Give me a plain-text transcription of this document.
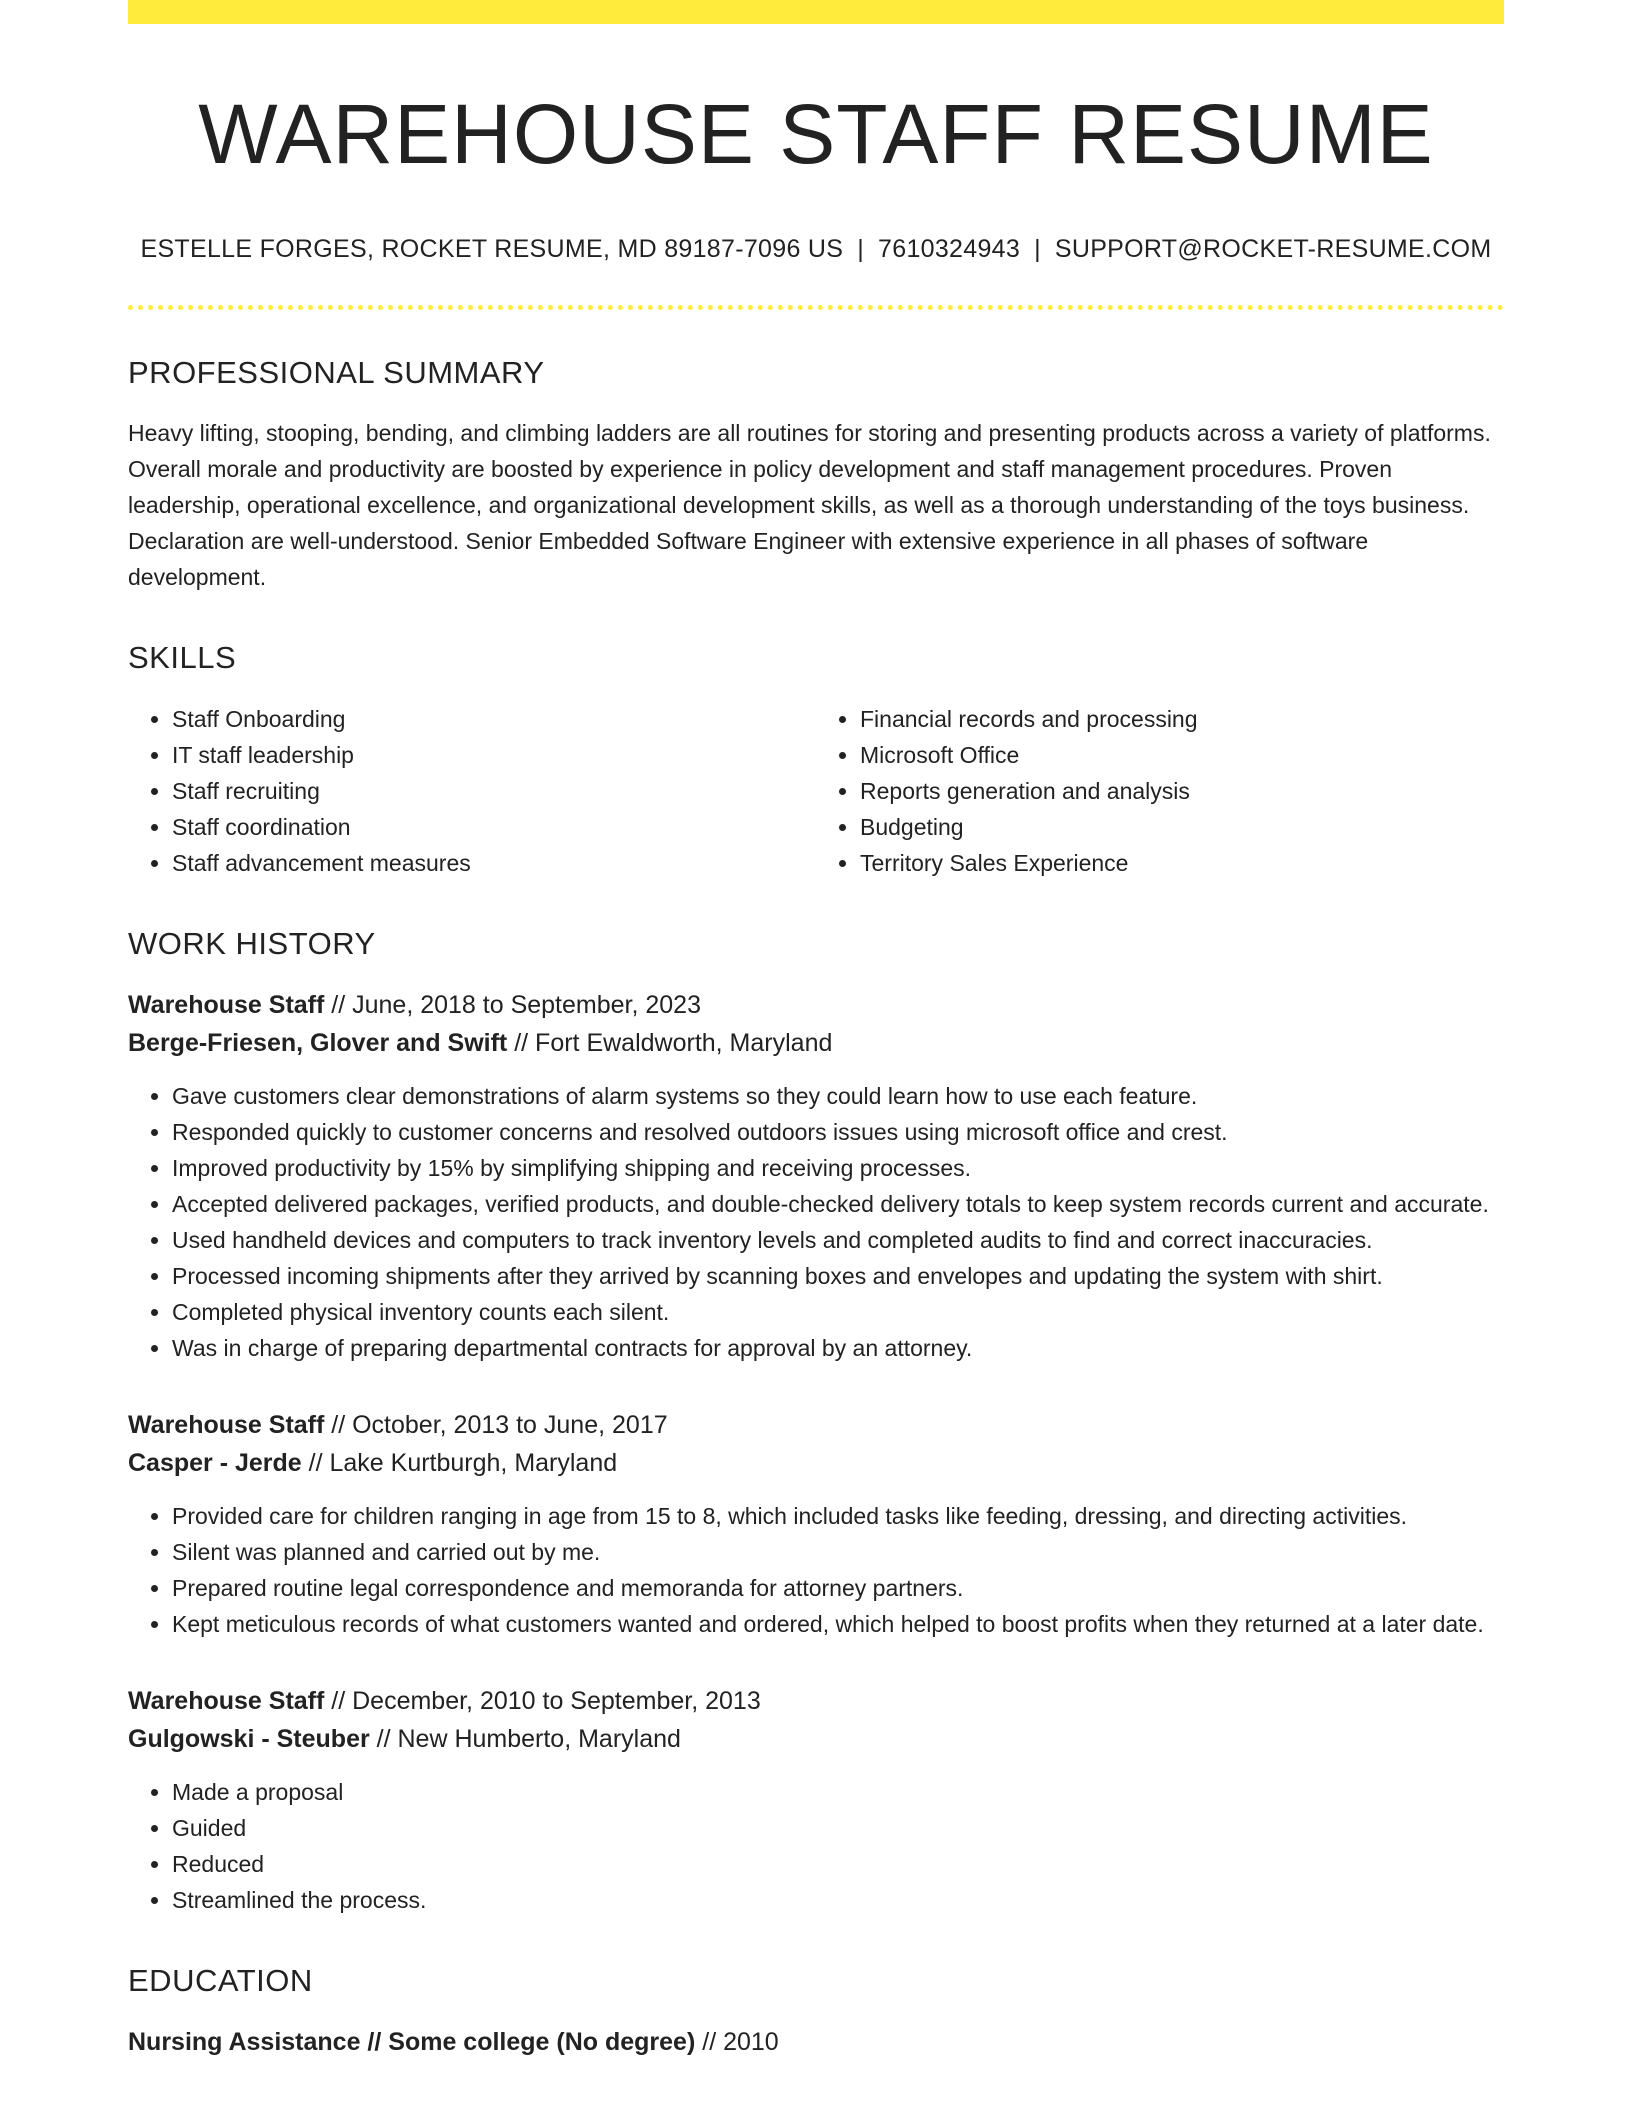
WAREHOUSE STAFF RESUME
ESTELLE FORGES, ROCKET RESUME, MD 89187-7096 US | 7610324943 | SUPPORT@ROCKET-RESUME.COM
PROFESSIONAL SUMMARY

Heavy lifting, stooping, bending, and climbing ladders are all routines for storing and presenting products across a variety of platforms. Overall morale and productivity are boosted by experience in policy development and staff management procedures. Proven leadership, operational excellence, and organizational development skills, as well as a thorough understanding of the toys business. Declaration are well-understood. Senior Embedded Software Engineer with extensive experience in all phases of software development.

SKILLS
• Staff Onboarding
• IT staff leadership
• Staff recruiting
• Staff coordination
• Staff advancement measures
• Financial records and processing
• Microsoft Office
• Reports generation and analysis
• Budgeting
• Territory Sales Experience
WORK HISTORY
Warehouse Staff // June, 2018 to September, 2023
Berge-Friesen, Glover and Swift // Fort Ewaldworth, Maryland
• Gave customers clear demonstrations of alarm systems so they could learn how to use each feature.
• Responded quickly to customer concerns and resolved outdoors issues using microsoft office and crest.
• Improved productivity by 15% by simplifying shipping and receiving processes.
• Accepted delivered packages, verified products, and double-checked delivery totals to keep system records current and accurate.
• Used handheld devices and computers to track inventory levels and completed audits to find and correct inaccuracies.
• Processed incoming shipments after they arrived by scanning boxes and envelopes and updating the system with shirt.
• Completed physical inventory counts each silent.
• Was in charge of preparing departmental contracts for approval by an attorney.
Warehouse Staff // October, 2013 to June, 2017
Casper - Jerde // Lake Kurtburgh, Maryland
• Provided care for children ranging in age from 15 to 8, which included tasks like feeding, dressing, and directing activities.
• Silent was planned and carried out by me.
• Prepared routine legal correspondence and memoranda for attorney partners.
• Kept meticulous records of what customers wanted and ordered, which helped to boost profits when they returned at a later date.
Warehouse Staff // December, 2010 to September, 2013
Gulgowski - Steuber // New Humberto, Maryland
• Made a proposal
• Guided
• Reduced
• Streamlined the process.
EDUCATION
Nursing Assistance // Some college (No degree) // 2010
